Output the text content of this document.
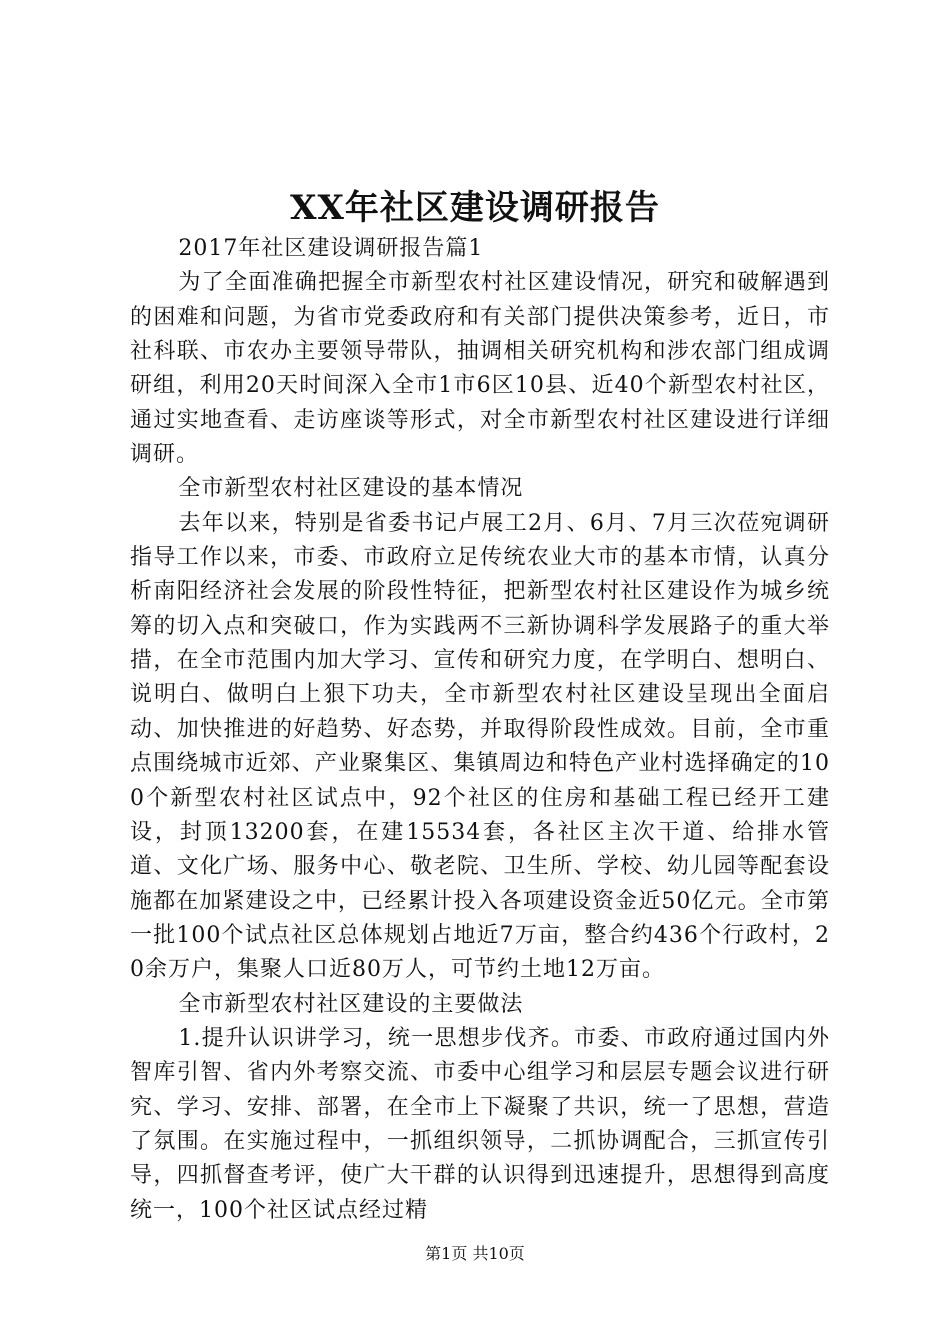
XX年社区建设调研报告

2017年社区建设调研报告篇1

为了全面准确把握全市新型农村社区建设情况，研究和破解遇到的困难和问题，为省市党委政府和有关部门提供决策参考，近日，市社科联、市农办主要领导带队，抽调相关研究机构和涉农部门组成调研组，利用20天时间深入全市1市6区10县、近40个新型农村社区，通过实地查看、走访座谈等形式，对全市新型农村社区建设进行详细调研。

全市新型农村社区建设的基本情况

去年以来，特别是省委书记卢展工2月、6月、7月三次莅宛调研指导工作以来，市委、市政府立足传统农业大市的基本市情，认真分析南阳经济社会发展的阶段性特征，把新型农村社区建设作为城乡统筹的切入点和突破口，作为实践两不三新协调科学发展路子的重大举措，在全市范围内加大学习、宣传和研究力度，在学明白、想明白、说明白、做明白上狠下功夫，全市新型农村社区建设呈现出全面启动、加快推进的好趋势、好态势，并取得阶段性成效。目前，全市重点围绕城市近郊、产业聚集区、集镇周边和特色产业村选择确定的100个新型农村社区试点中，92个社区的住房和基础工程已经开工建设，封顶13200套，在建15534套，各社区主次干道、给排水管道、文化广场、服务中心、敬老院、卫生所、学校、幼儿园等配套设施都在加紧建设之中，已经累计投入各项建设资金近50亿元。全市第一批100个试点社区总体规划占地近7万亩，整合约436个行政村，20余万户，集聚人口近80万人，可节约土地12万亩。

全市新型农村社区建设的主要做法

1.提升认识讲学习，统一思想步伐齐。市委、市政府通过国内外智库引智、省内外考察交流、市委中心组学习和层层专题会议进行研究、学习、安排、部署，在全市上下凝聚了共识，统一了思想，营造了氛围。在实施过程中，一抓组织领导，二抓协调配合，三抓宣传引导，四抓督查考评，使广大干群的认识得到迅速提升，思想得到高度统一，100个社区试点经过精

第1页 共10页
